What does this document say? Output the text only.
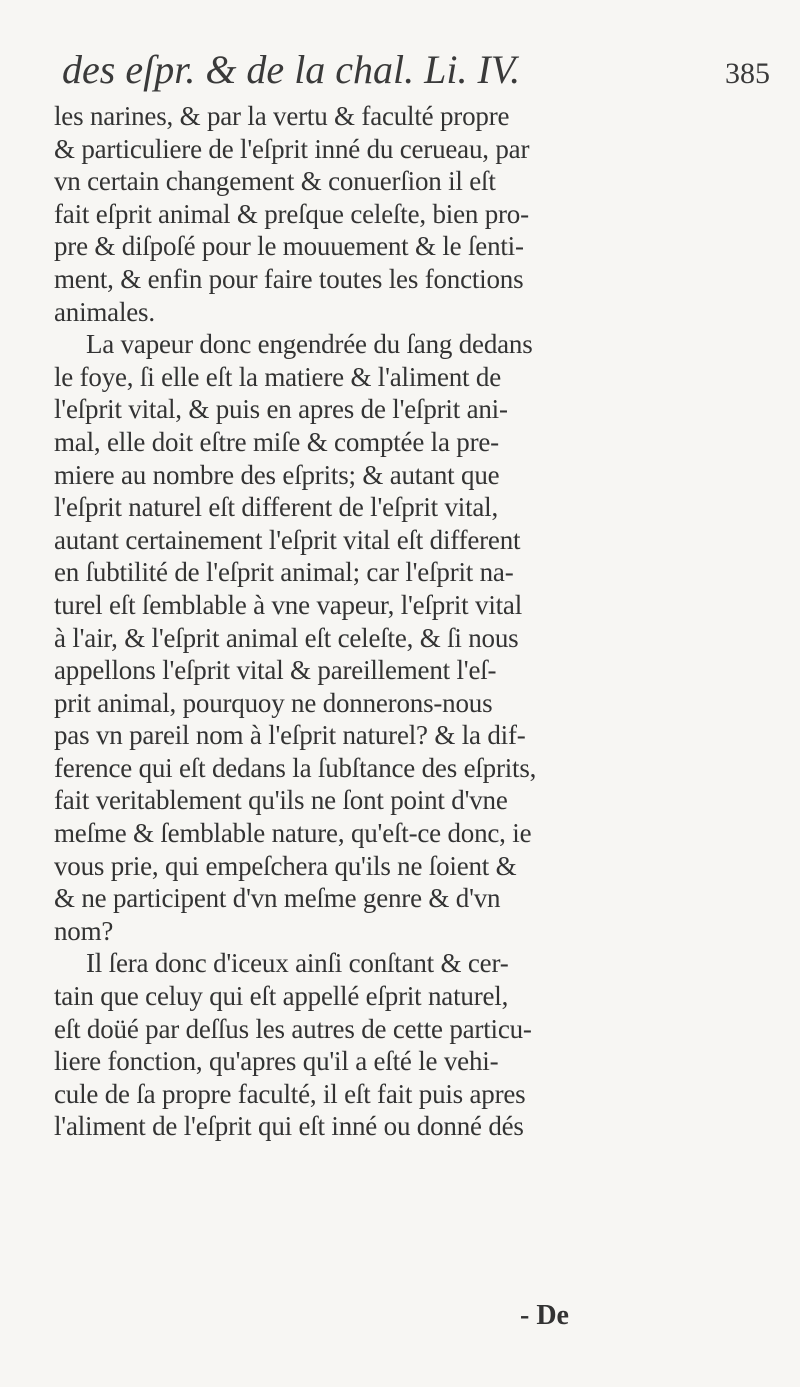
des eſpr. & de la chal. Li. IV.	385
les narines, & par la vertu & faculté propre
& particuliere de l'eſprit inné du cerueau, par
vn certain changement & conuerſion il eſt
fait eſprit animal & preſque celeſte, bien pro-
pre & diſpoſé pour le mouuement & le ſenti-
ment, & enfin pour faire toutes les fonctions
animales.
La vapeur donc engendrée du ſang dedans
le foye, ſi elle eſt la matiere & l'aliment de
l'eſprit vital, & puis en apres de l'eſprit ani-
mal, elle doit eſtre miſe & comptée la pre-
miere au nombre des eſprits; & autant que
l'eſprit naturel eſt different de l'eſprit vital,
autant certainement l'eſprit vital eſt different
en ſubtilité de l'eſprit animal; car l'eſprit na-
turel eſt ſemblable à vne vapeur, l'eſprit vital
à l'air, & l'eſprit animal eſt celeſte, & ſi nous
appellons l'eſprit vital & pareillement l'eſ-
prit animal, pourquoy ne donnerons-nous
pas vn pareil nom à l'eſprit naturel? & la dif-
ference qui eſt dedans la ſubſtance des eſprits,
fait veritablement qu'ils ne ſont point d'vne
meſme & ſemblable nature, qu'eſt-ce donc, ie
vous prie, qui empeſchera qu'ils ne ſoient &
& ne participent d'vn meſme genre & d'vn
nom?
Il ſera donc d'iceux ainſi conſtant & cer-
tain que celuy qui eſt appellé eſprit naturel,
eſt doüé par deſſus les autres de cette particu-
liere fonction, qu'apres qu'il a eſté le vehi-
cule de ſa propre faculté, il eſt fait puis apres
l'aliment de l'eſprit qui eſt inné ou donné dés
- De
